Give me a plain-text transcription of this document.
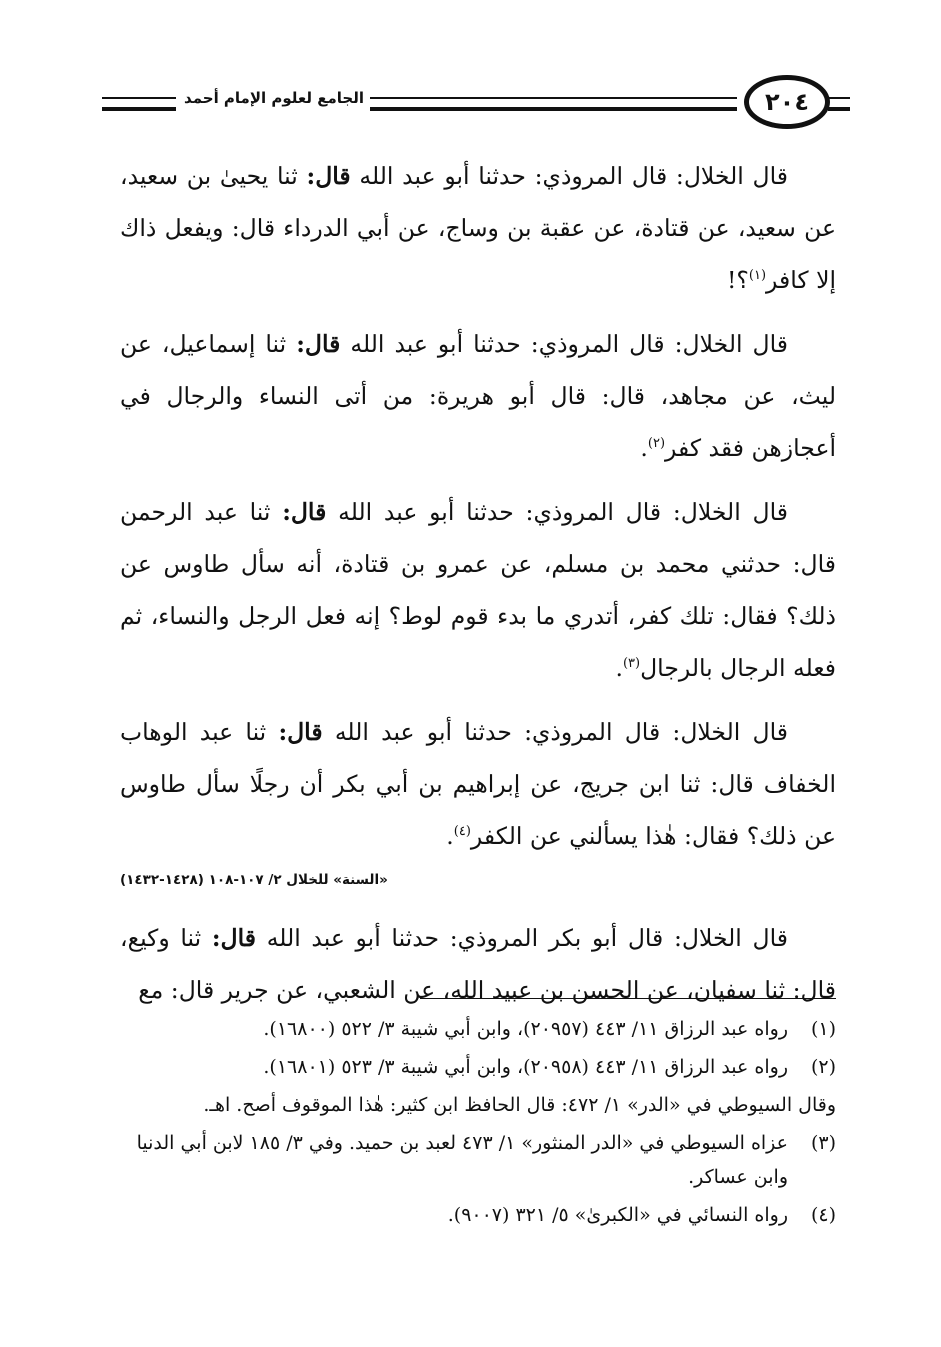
الجامع لعلوم الإمام أحمد	٢٠٤

قال الخلال: قال المروذي: حدثنا أبو عبد الله قال: ثنا يحيىٰ بن سعيد، عن سعيد، عن قتادة، عن عقبة بن وساج، عن أبي الدرداء قال: ويفعل ذاك إلا كافر$^{(١)}$؟!

قال الخلال: قال المروذي: حدثنا أبو عبد الله قال: ثنا إسماعيل، عن ليث، عن مجاهد، قال: قال أبو هريرة: من أتى النساء والرجال في أعجازهن فقد كفر$^{(٢)}$.

قال الخلال: قال المروذي: حدثنا أبو عبد الله قال: ثنا عبد الرحمن قال: حدثني محمد بن مسلم، عن عمرو بن قتادة، أنه سأل طاوس عن ذلك؟ فقال: تلك كفر، أتدري ما بدء قوم لوط؟ إنه فعل الرجل والنساء، ثم فعله الرجال بالرجال$^{(٣)}$.

قال الخلال: قال المروذي: حدثنا أبو عبد الله قال: ثنا عبد الوهاب الخفاف قال: ثنا ابن جريج، عن إبراهيم بن أبي بكر أن رجلًا سأل طاوس عن ذلك؟ فقال: هٰذا يسألني عن الكفر$^{(٤)}$.

«السنة» للخلال ٢/ ١٠٧-١٠٨ (١٤٢٨-١٤٣٢)

قال الخلال: قال أبو بكر المروذي: حدثنا أبو عبد الله قال: ثنا وكيع، قال: ثنا سفيان، عن الحسن بن عبيد الله، عن الشعبي، عن جرير قال: مع

(١)
رواه عبد الرزاق ١١/ ٤٤٣ (٢٠٩٥٧)، وابن أبي شيبة ٣/ ٥٢٢ (١٦٨٠٠).
(٢)
رواه عبد الرزاق ١١/ ٤٤٣ (٢٠٩٥٨)، وابن أبي شيبة ٣/ ٥٢٣ (١٦٨٠١).

وقال السيوطي في «الدر» ١/ ٤٧٢: قال الحافظ ابن كثير: هٰذا الموقوف أصح. اهـ.

(٣)
عزاه السيوطي في «الدر المنثور» ١/ ٤٧٣ لعبد بن حميد. وفي ٣/ ١٨٥ لابن أبي الدنيا وابن عساكر.
(٤)
رواه النسائي في «الكبرىٰ» ٥/ ٣٢١ (٩٠٠٧).
